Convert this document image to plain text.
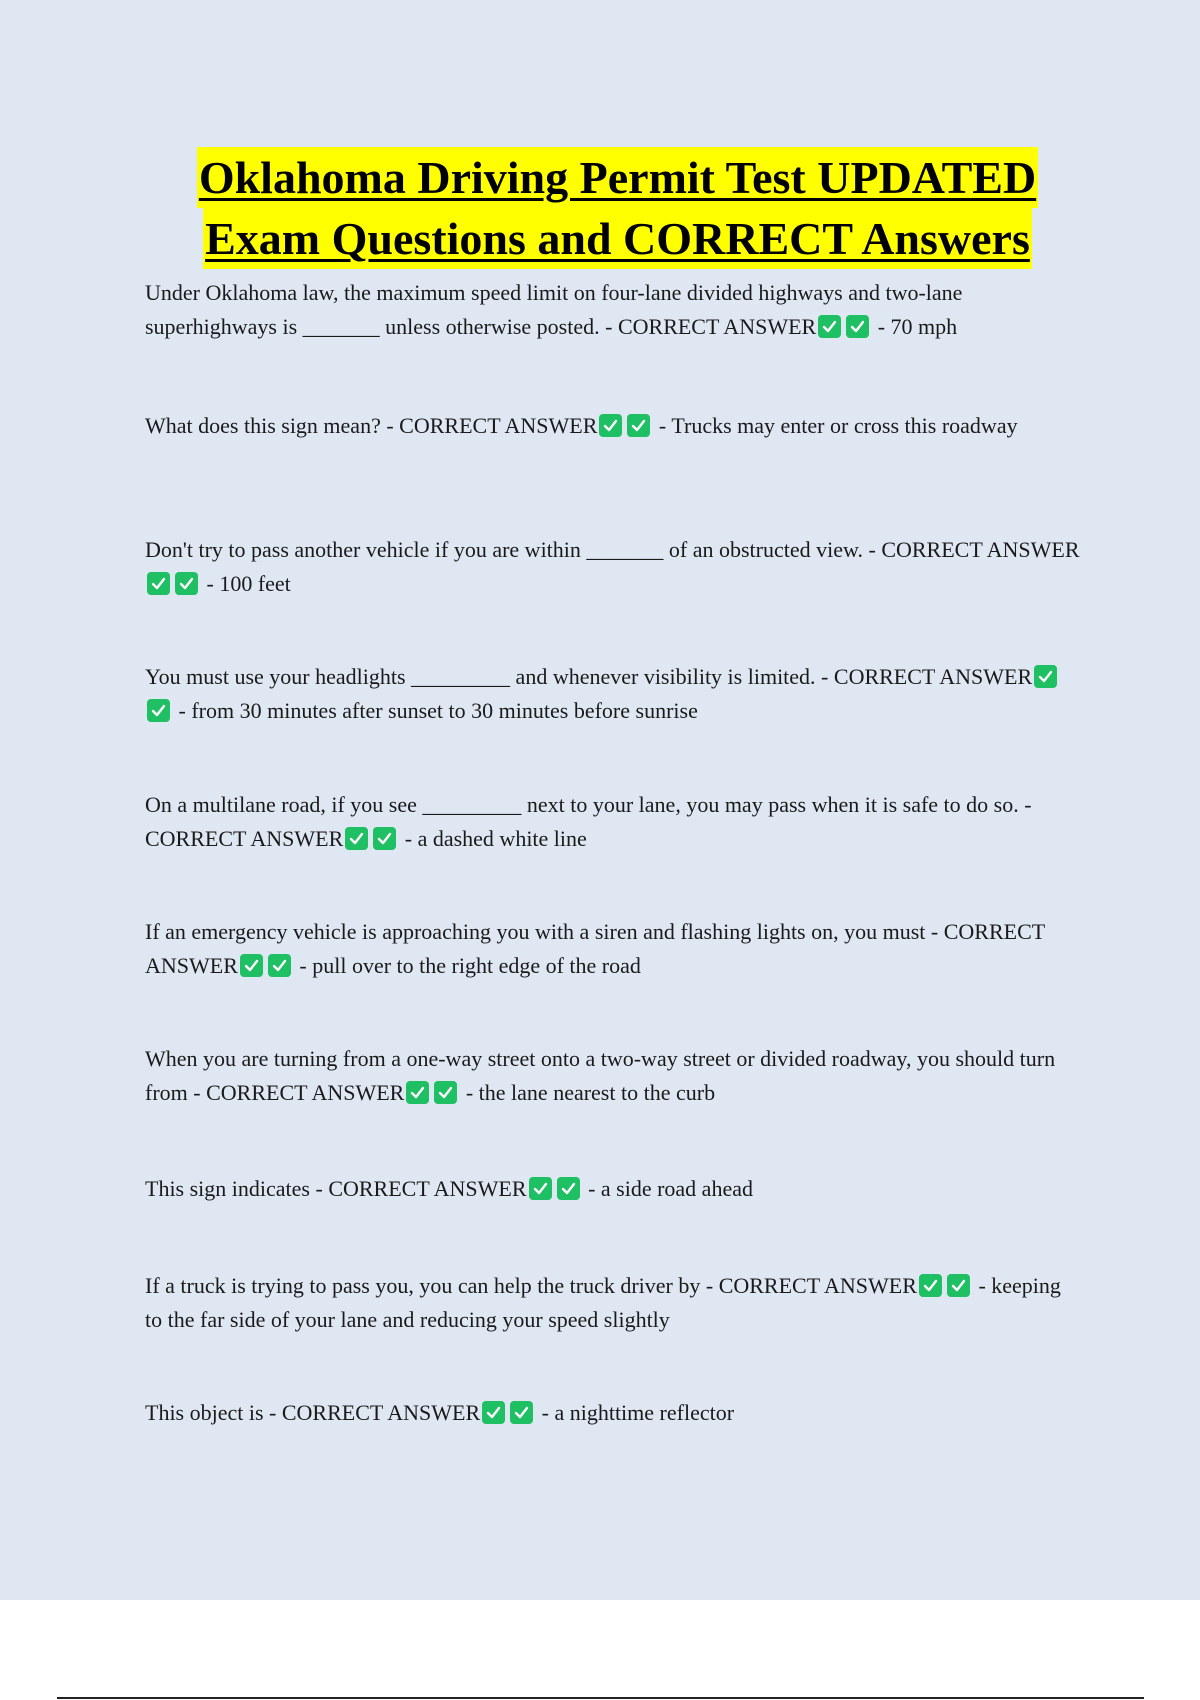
Oklahoma Driving Permit Test UPDATED
Exam Questions and CORRECT Answers

Under Oklahoma law, the maximum speed limit on four-lane divided highways and two-lane superhighways is _______ unless otherwise posted. - CORRECT ANSWER	- 70 mph

What does this sign mean? - CORRECT ANSWER	- Trucks may enter or cross this roadway

Don't try to pass another vehicle if you are within _______ of an obstructed view. - CORRECT ANSWER
- 100 feet

You must use your headlights _________ and whenever visibility is limited. - CORRECT ANSWER
- from 30 minutes after sunset to 30 minutes before sunrise

On a multilane road, if you see _________ next to your lane, you may pass when it is safe to do so. - CORRECT ANSWER	- a dashed white line

If an emergency vehicle is approaching you with a siren and flashing lights on, you must - CORRECT ANSWER	- pull over to the right edge of the road

When you are turning from a one-way street onto a two-way street or divided roadway, you should turn from - CORRECT ANSWER	- the lane nearest to the curb

This sign indicates - CORRECT ANSWER	- a side road ahead

If a truck is trying to pass you, you can help the truck driver by - CORRECT ANSWER	- keeping to the far side of your lane and reducing your speed slightly

This object is - CORRECT ANSWER	- a nighttime reflector
